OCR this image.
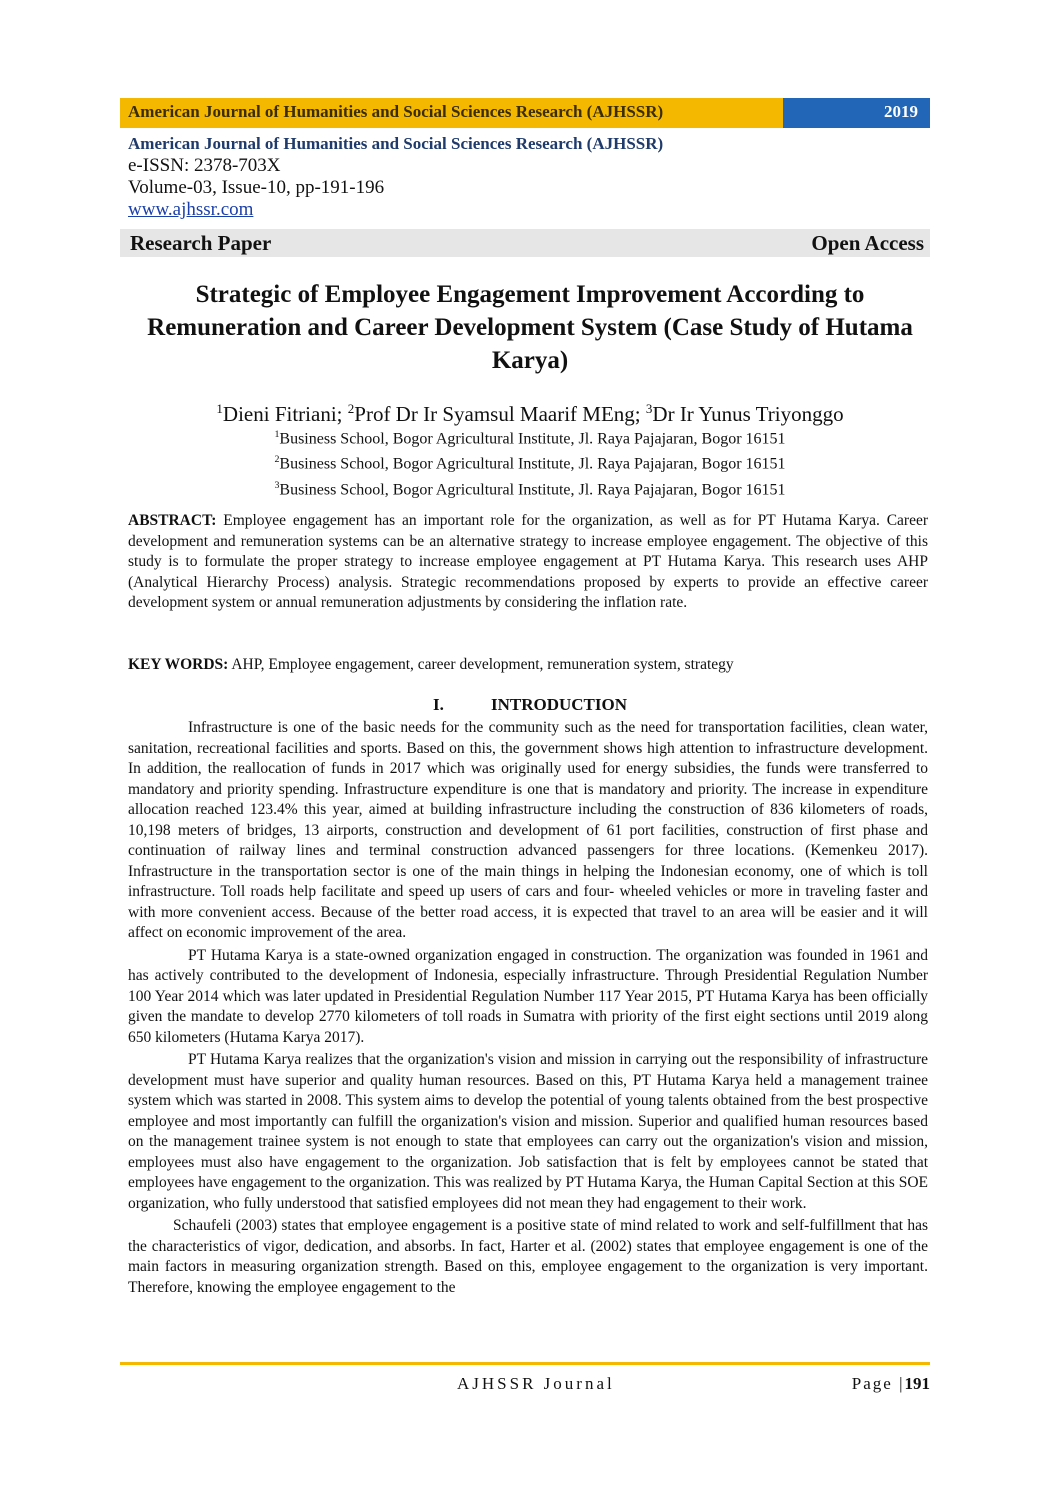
American Journal of Humanities and Social Sciences Research (AJHSSR)	2019
American Journal of Humanities and Social Sciences Research (AJHSSR)
e-ISSN: 2378-703X
Volume-03, Issue-10, pp-191-196
www.ajhssr.com
Research Paper	Open Access
Strategic of Employee Engagement Improvement According to Remuneration and Career Development System (Case Study of Hutama Karya)
$^1$Dieni Fitriani; $^2$Prof Dr Ir Syamsul Maarif MEng; $^3$Dr Ir Yunus Triyonggo
$^1$Business School, Bogor Agricultural Institute, Jl. Raya Pajajaran, Bogor 16151
$^2$Business School, Bogor Agricultural Institute, Jl. Raya Pajajaran, Bogor 16151
$^3$Business School, Bogor Agricultural Institute, Jl. Raya Pajajaran, Bogor 16151
ABSTRACT: Employee engagement has an important role for the organization, as well as for PT Hutama Karya. Career development and remuneration systems can be an alternative strategy to increase employee engagement. The objective of this study is to formulate the proper strategy to increase employee engagement at PT Hutama Karya. This research uses AHP (Analytical Hierarchy Process) analysis. Strategic recommendations proposed by experts to provide an effective career development system or annual remuneration adjustments by considering the inflation rate.
KEY WORDS: AHP, Employee engagement, career development, remuneration system, strategy
I.	INTRODUCTION

Infrastructure is one of the basic needs for the community such as the need for transportation facilities, clean water, sanitation, recreational facilities and sports. Based on this, the government shows high attention to infrastructure development. In addition, the reallocation of funds in 2017 which was originally used for energy subsidies, the funds were transferred to mandatory and priority spending. Infrastructure expenditure is one that is mandatory and priority. The increase in expenditure allocation reached 123.4% this year, aimed at building infrastructure including the construction of 836 kilometers of roads, 10,198 meters of bridges, 13 airports, construction and development of 61 port facilities, construction of first phase and continuation of railway lines and terminal construction advanced passengers for three locations. (Kemenkeu 2017). Infrastructure in the transportation sector is one of the main things in helping the Indonesian economy, one of which is toll infrastructure. Toll roads help facilitate and speed up users of cars and four- wheeled vehicles or more in traveling faster and with more convenient access. Because of the better road access, it is expected that travel to an area will be easier and it will affect on economic improvement of the area.

PT Hutama Karya is a state-owned organization engaged in construction. The organization was founded in 1961 and has actively contributed to the development of Indonesia, especially infrastructure. Through Presidential Regulation Number 100 Year 2014 which was later updated in Presidential Regulation Number 117 Year 2015, PT Hutama Karya has been officially given the mandate to develop 2770 kilometers of toll roads in Sumatra with priority of the first eight sections until 2019 along 650 kilometers (Hutama Karya 2017).

PT Hutama Karya realizes that the organization's vision and mission in carrying out the responsibility of infrastructure development must have superior and quality human resources. Based on this, PT Hutama Karya held a management trainee system which was started in 2008. This system aims to develop the potential of young talents obtained from the best prospective employee and most importantly can fulfill the organization's vision and mission. Superior and qualified human resources based on the management trainee system is not enough to state that employees can carry out the organization's vision and mission, employees must also have engagement to the organization. Job satisfaction that is felt by employees cannot be stated that employees have engagement to the organization. This was realized by PT Hutama Karya, the Human Capital Section at this SOE organization, who fully understood that satisfied employees did not mean they had engagement to their work.

Schaufeli (2003) states that employee engagement is a positive state of mind related to work and self-fulfillment that has the characteristics of vigor, dedication, and absorbs. In fact, Harter et al. (2002) states that employee engagement is one of the main factors in measuring organization strength. Based on this, employee engagement to the organization is very important. Therefore, knowing the employee engagement to the

AJHSSR Journal	Page |191
